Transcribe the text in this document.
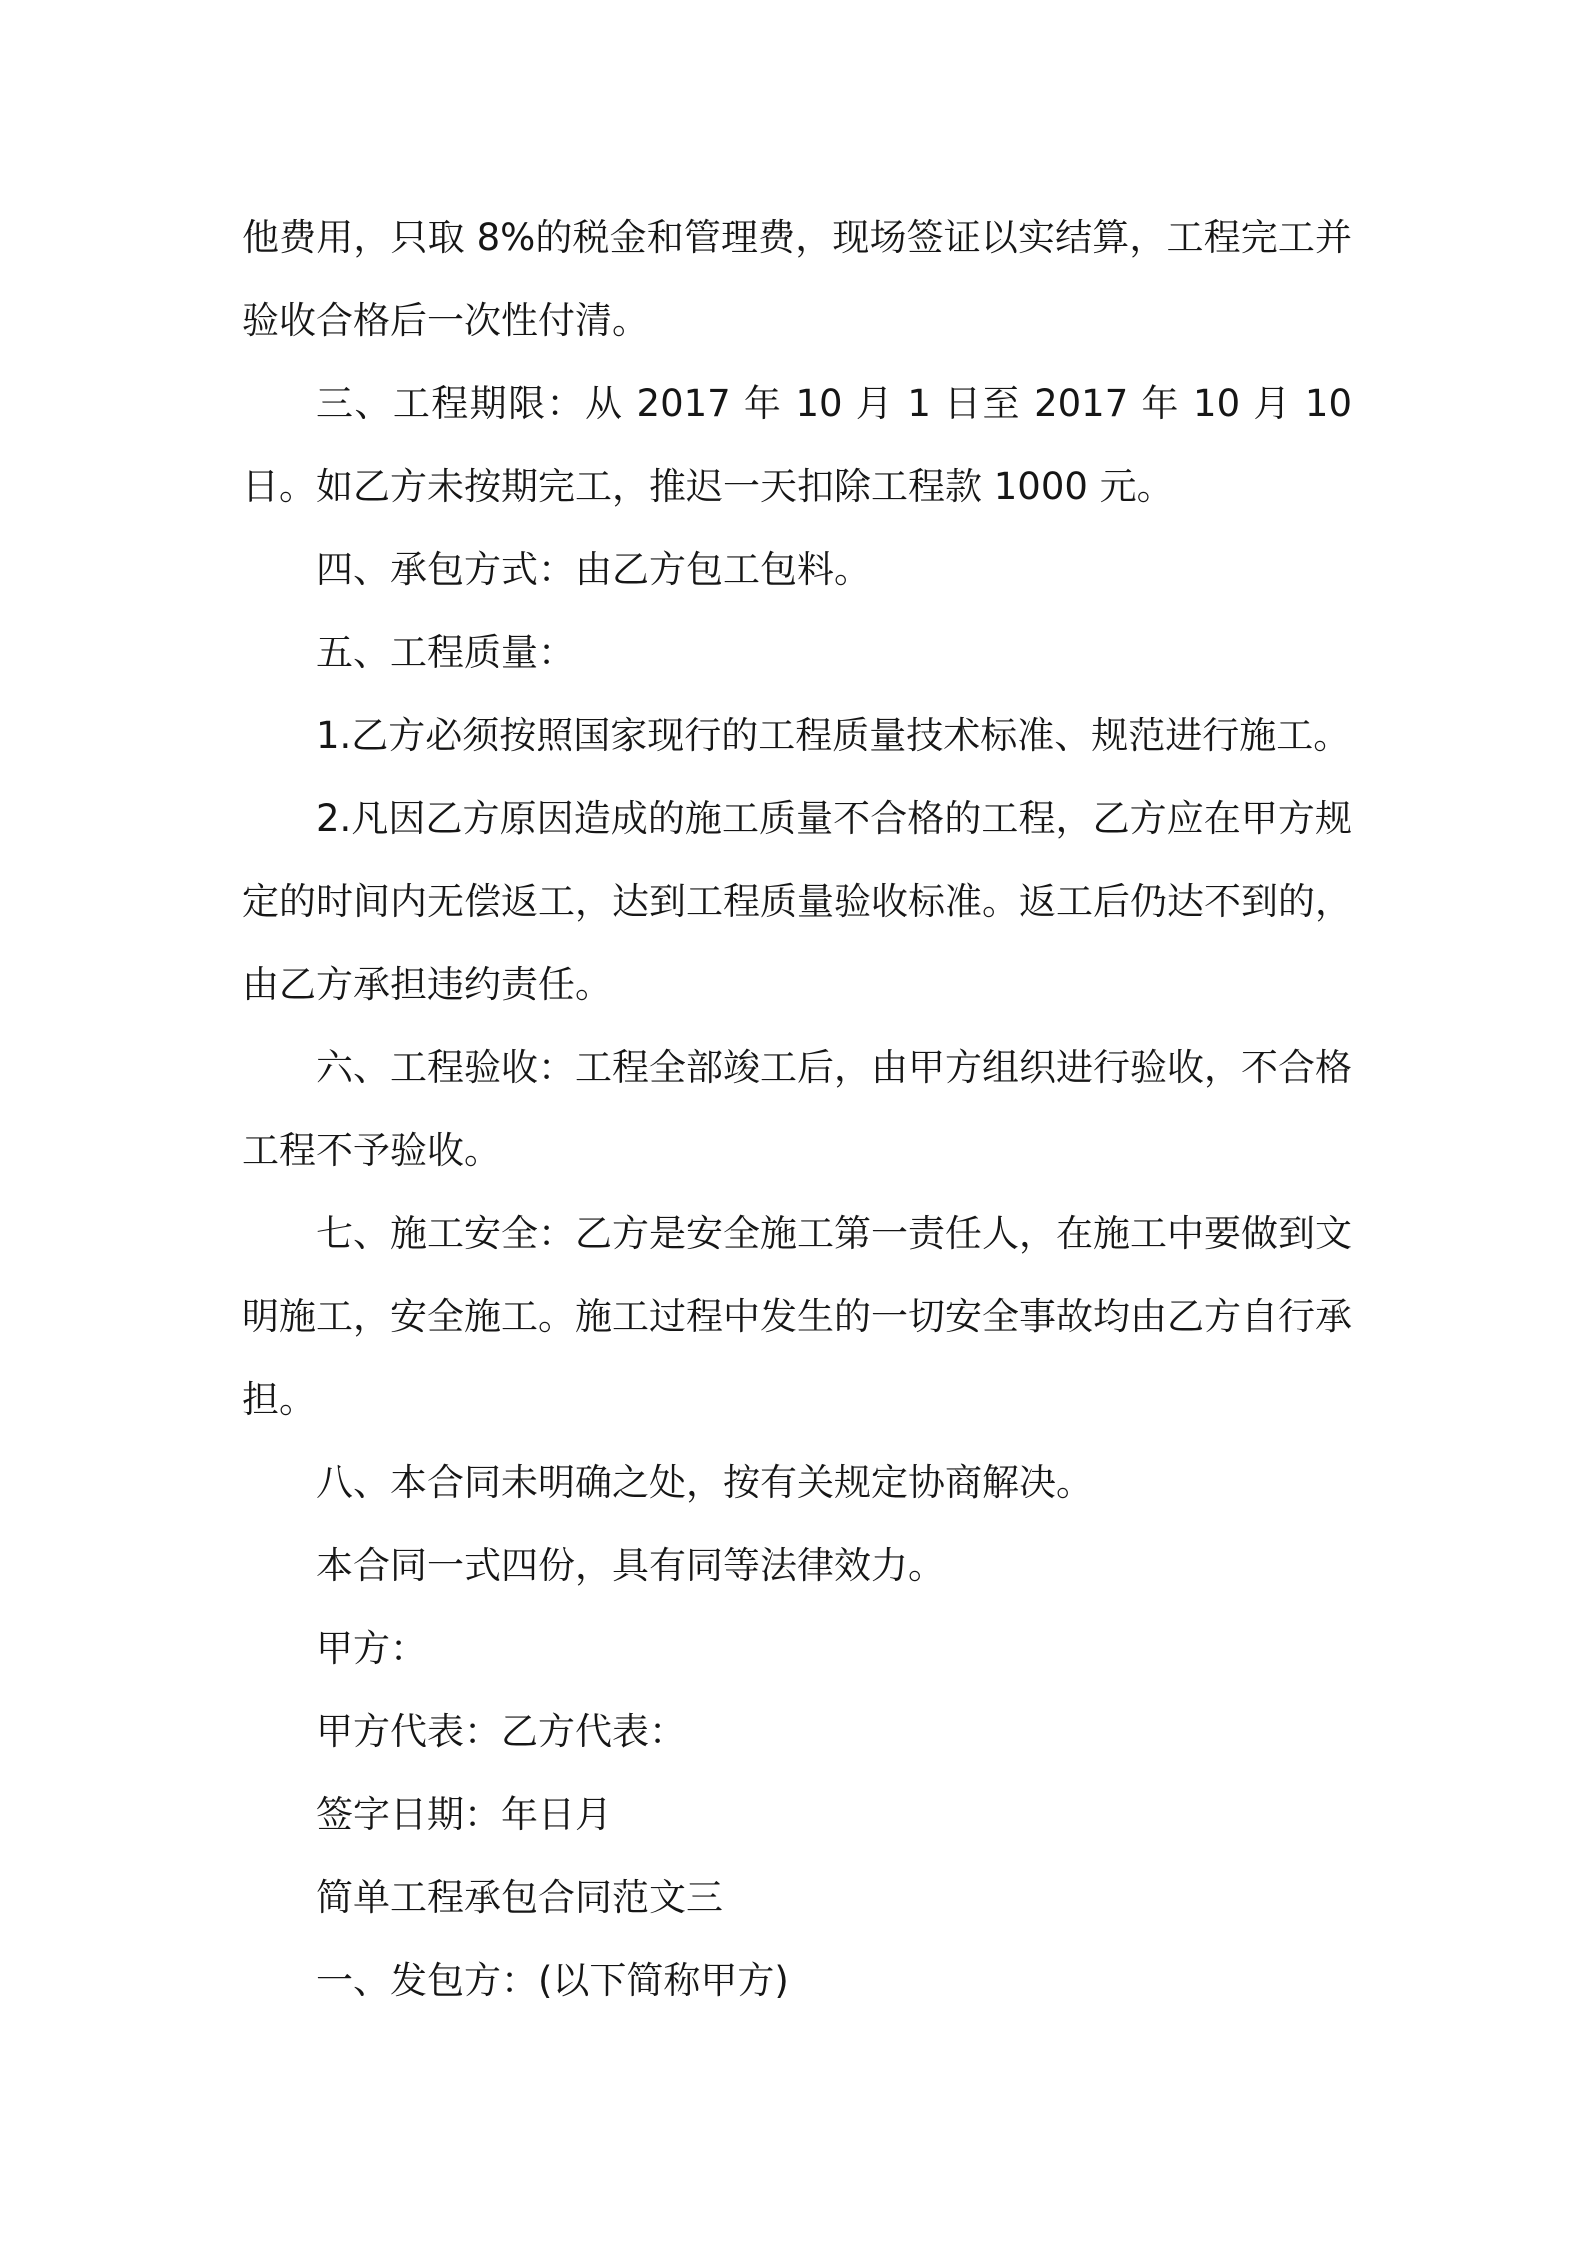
他费用，只取 8%的税金和管理费，现场签证以实结算，工程完工并验收合格后一次性付清。

三、工程期限：从 2017 年 10 月 1 日至 2017 年 10 月 10 日。如乙方未按期完工，推迟一天扣除工程款 1000 元。

四、承包方式：由乙方包工包料。

五、工程质量：

1.乙方必须按照国家现行的工程质量技术标准、规范进行施工。

2.凡因乙方原因造成的施工质量不合格的工程，乙方应在甲方规定的时间内无偿返工，达到工程质量验收标准。返工后仍达不到的，由乙方承担违约责任。

六、工程验收：工程全部竣工后，由甲方组织进行验收，不合格工程不予验收。

七、施工安全：乙方是安全施工第一责任人，在施工中要做到文明施工，安全施工。施工过程中发生的一切安全事故均由乙方自行承担。

八、本合同未明确之处，按有关规定协商解决。

本合同一式四份，具有同等法律效力。

甲方：

甲方代表：乙方代表：

签字日期：年日月

简单工程承包合同范文三

一、发包方：(以下简称甲方)
